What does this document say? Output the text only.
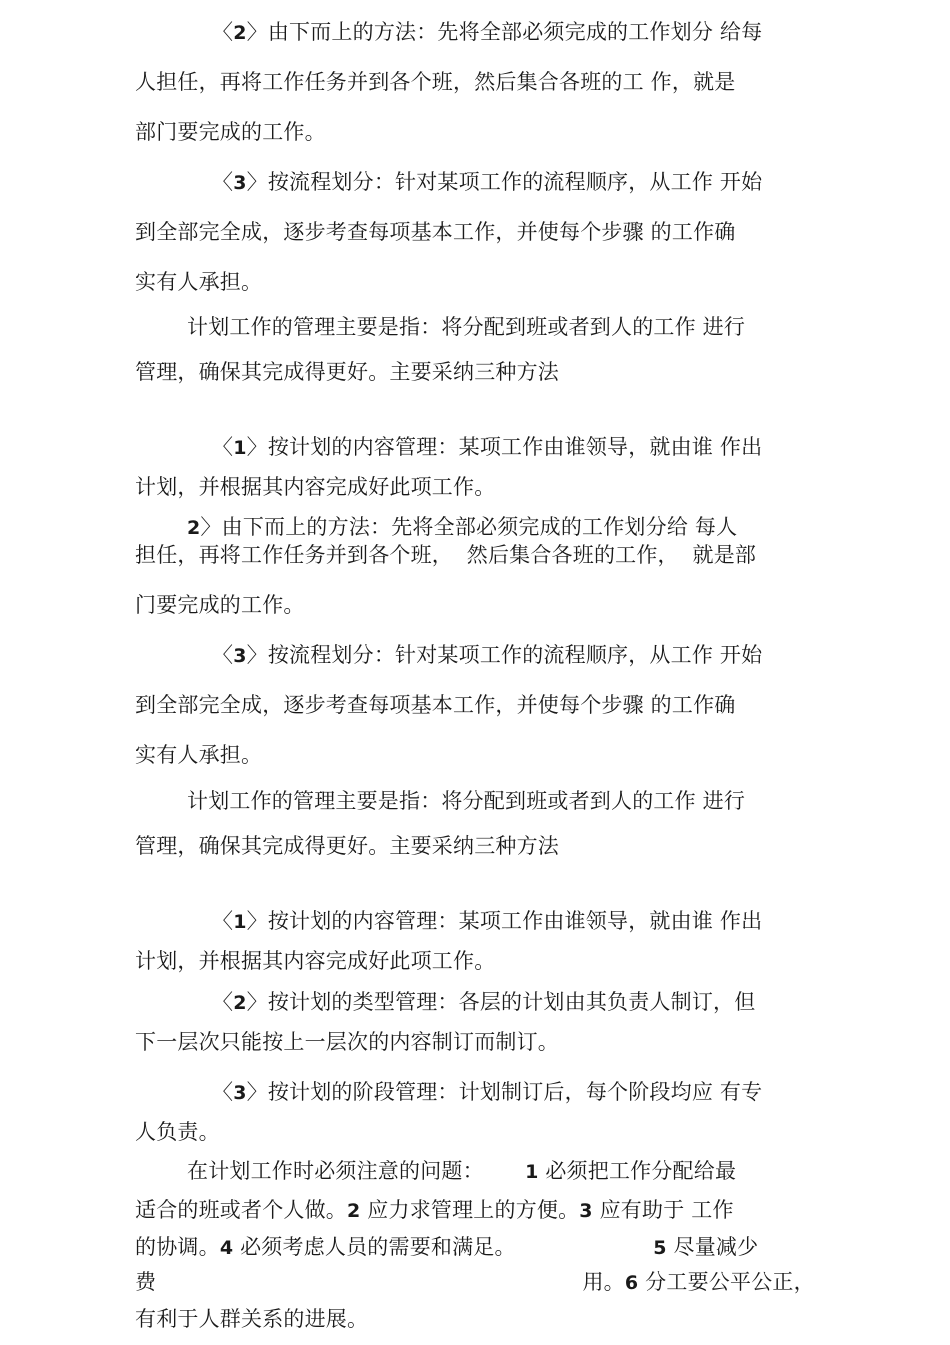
〈2〉由下而上的方法：先将全部必须完成的工作划分 给每
人担任，再将工作任务并到各个班，然后集合各班的工 作，就是
部门要完成的工作。
〈3〉按流程划分：针对某项工作的流程顺序，从工作 开始
到全部完全成，逐步考查每项基本工作，并使每个步骤 的工作确
实有人承担。
计划工作的管理主要是指：将分配到班或者到人的工作 进行
管理，确保其完成得更好。主要采纳三种方法
〈1〉按计划的内容管理：某项工作由谁领导，就由谁 作出
计划，并根据其内容完成好此项工作。
2〉由下而上的方法：先将全部必须完成的工作划分给 每人
担任，再将工作任务并到各个班，  然后集合各班的工作，  就是部
门要完成的工作。
〈3〉按流程划分：针对某项工作的流程顺序，从工作 开始
到全部完全成，逐步考查每项基本工作，并使每个步骤 的工作确
实有人承担。
计划工作的管理主要是指：将分配到班或者到人的工作 进行
管理，确保其完成得更好。主要采纳三种方法
〈1〉按计划的内容管理：某项工作由谁领导，就由谁 作出
计划，并根据其内容完成好此项工作。
〈2〉按计划的类型管理：各层的计划由其负责人制订，但
下一层次只能按上一层次的内容制订而制订。
〈3〉按计划的阶段管理：计划制订后，每个阶段均应 有专
人负责。
在计划工作时必须注意的问题：      1 必须把工作分配给最
适合的班或者个人做。2 应力求管理上的方便。3 应有助于 工作
的协调。4 必须考虑人员的需要和满足。                    5 尽量减少
费                                                              用。6 分工要公平公正，
有利于人群关系的进展。
